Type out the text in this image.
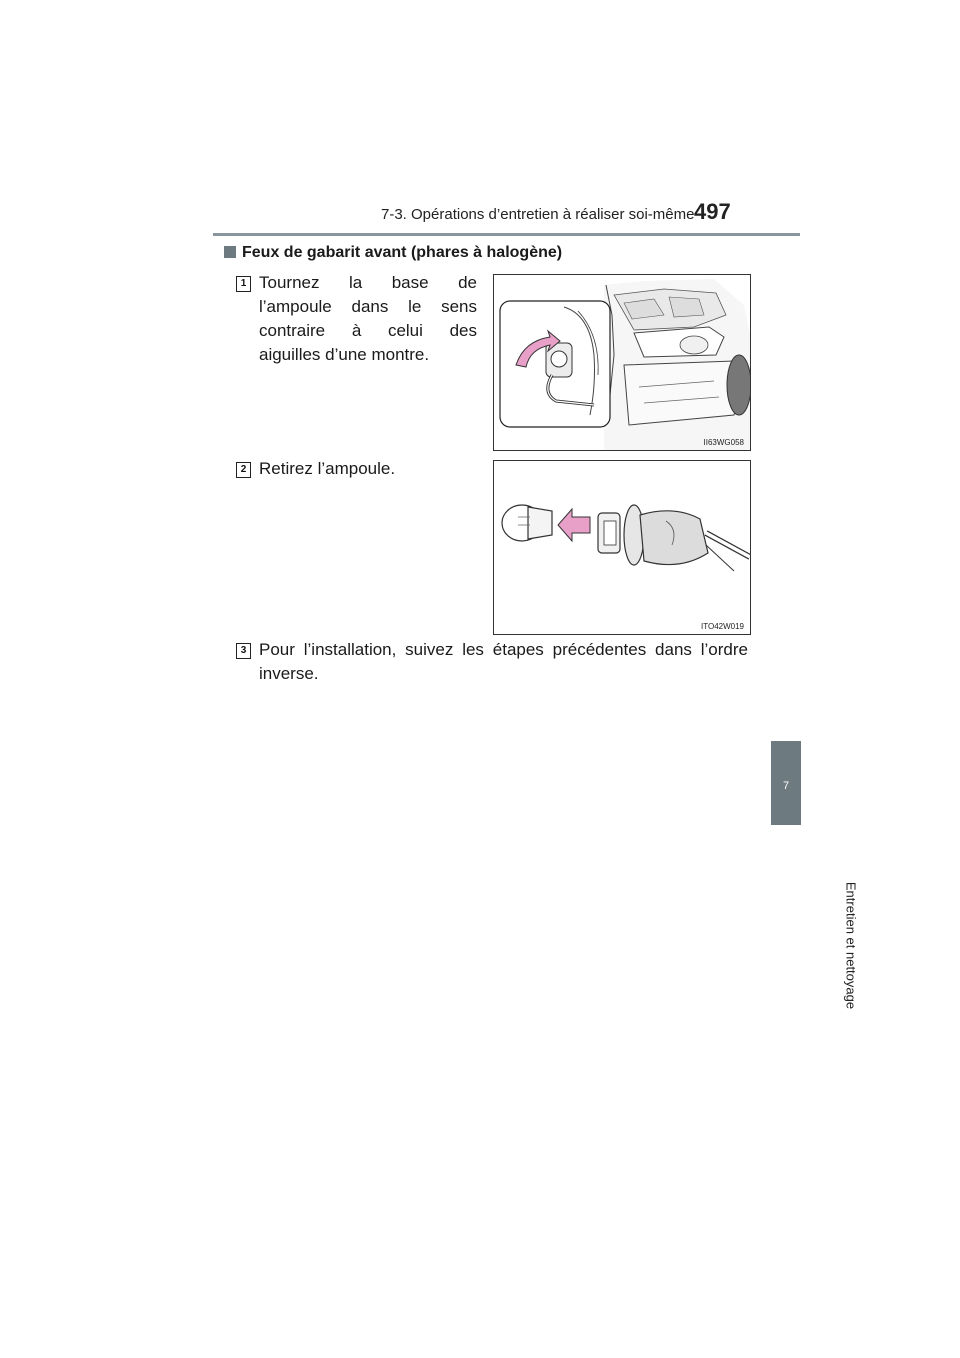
7-3. Opérations d’entretien à réaliser soi-même 497
7
Entretien et nettoyage
Feux de gabarit avant (phares à halogène)
1 Tournez la base de l’ampoule dans le sens contraire à celui des aiguilles d’une montre.
II63WG058
2 Retirez l’ampoule.
ITO42W019
3 Pour l’installation, suivez les étapes précédentes dans l’ordre inverse.
